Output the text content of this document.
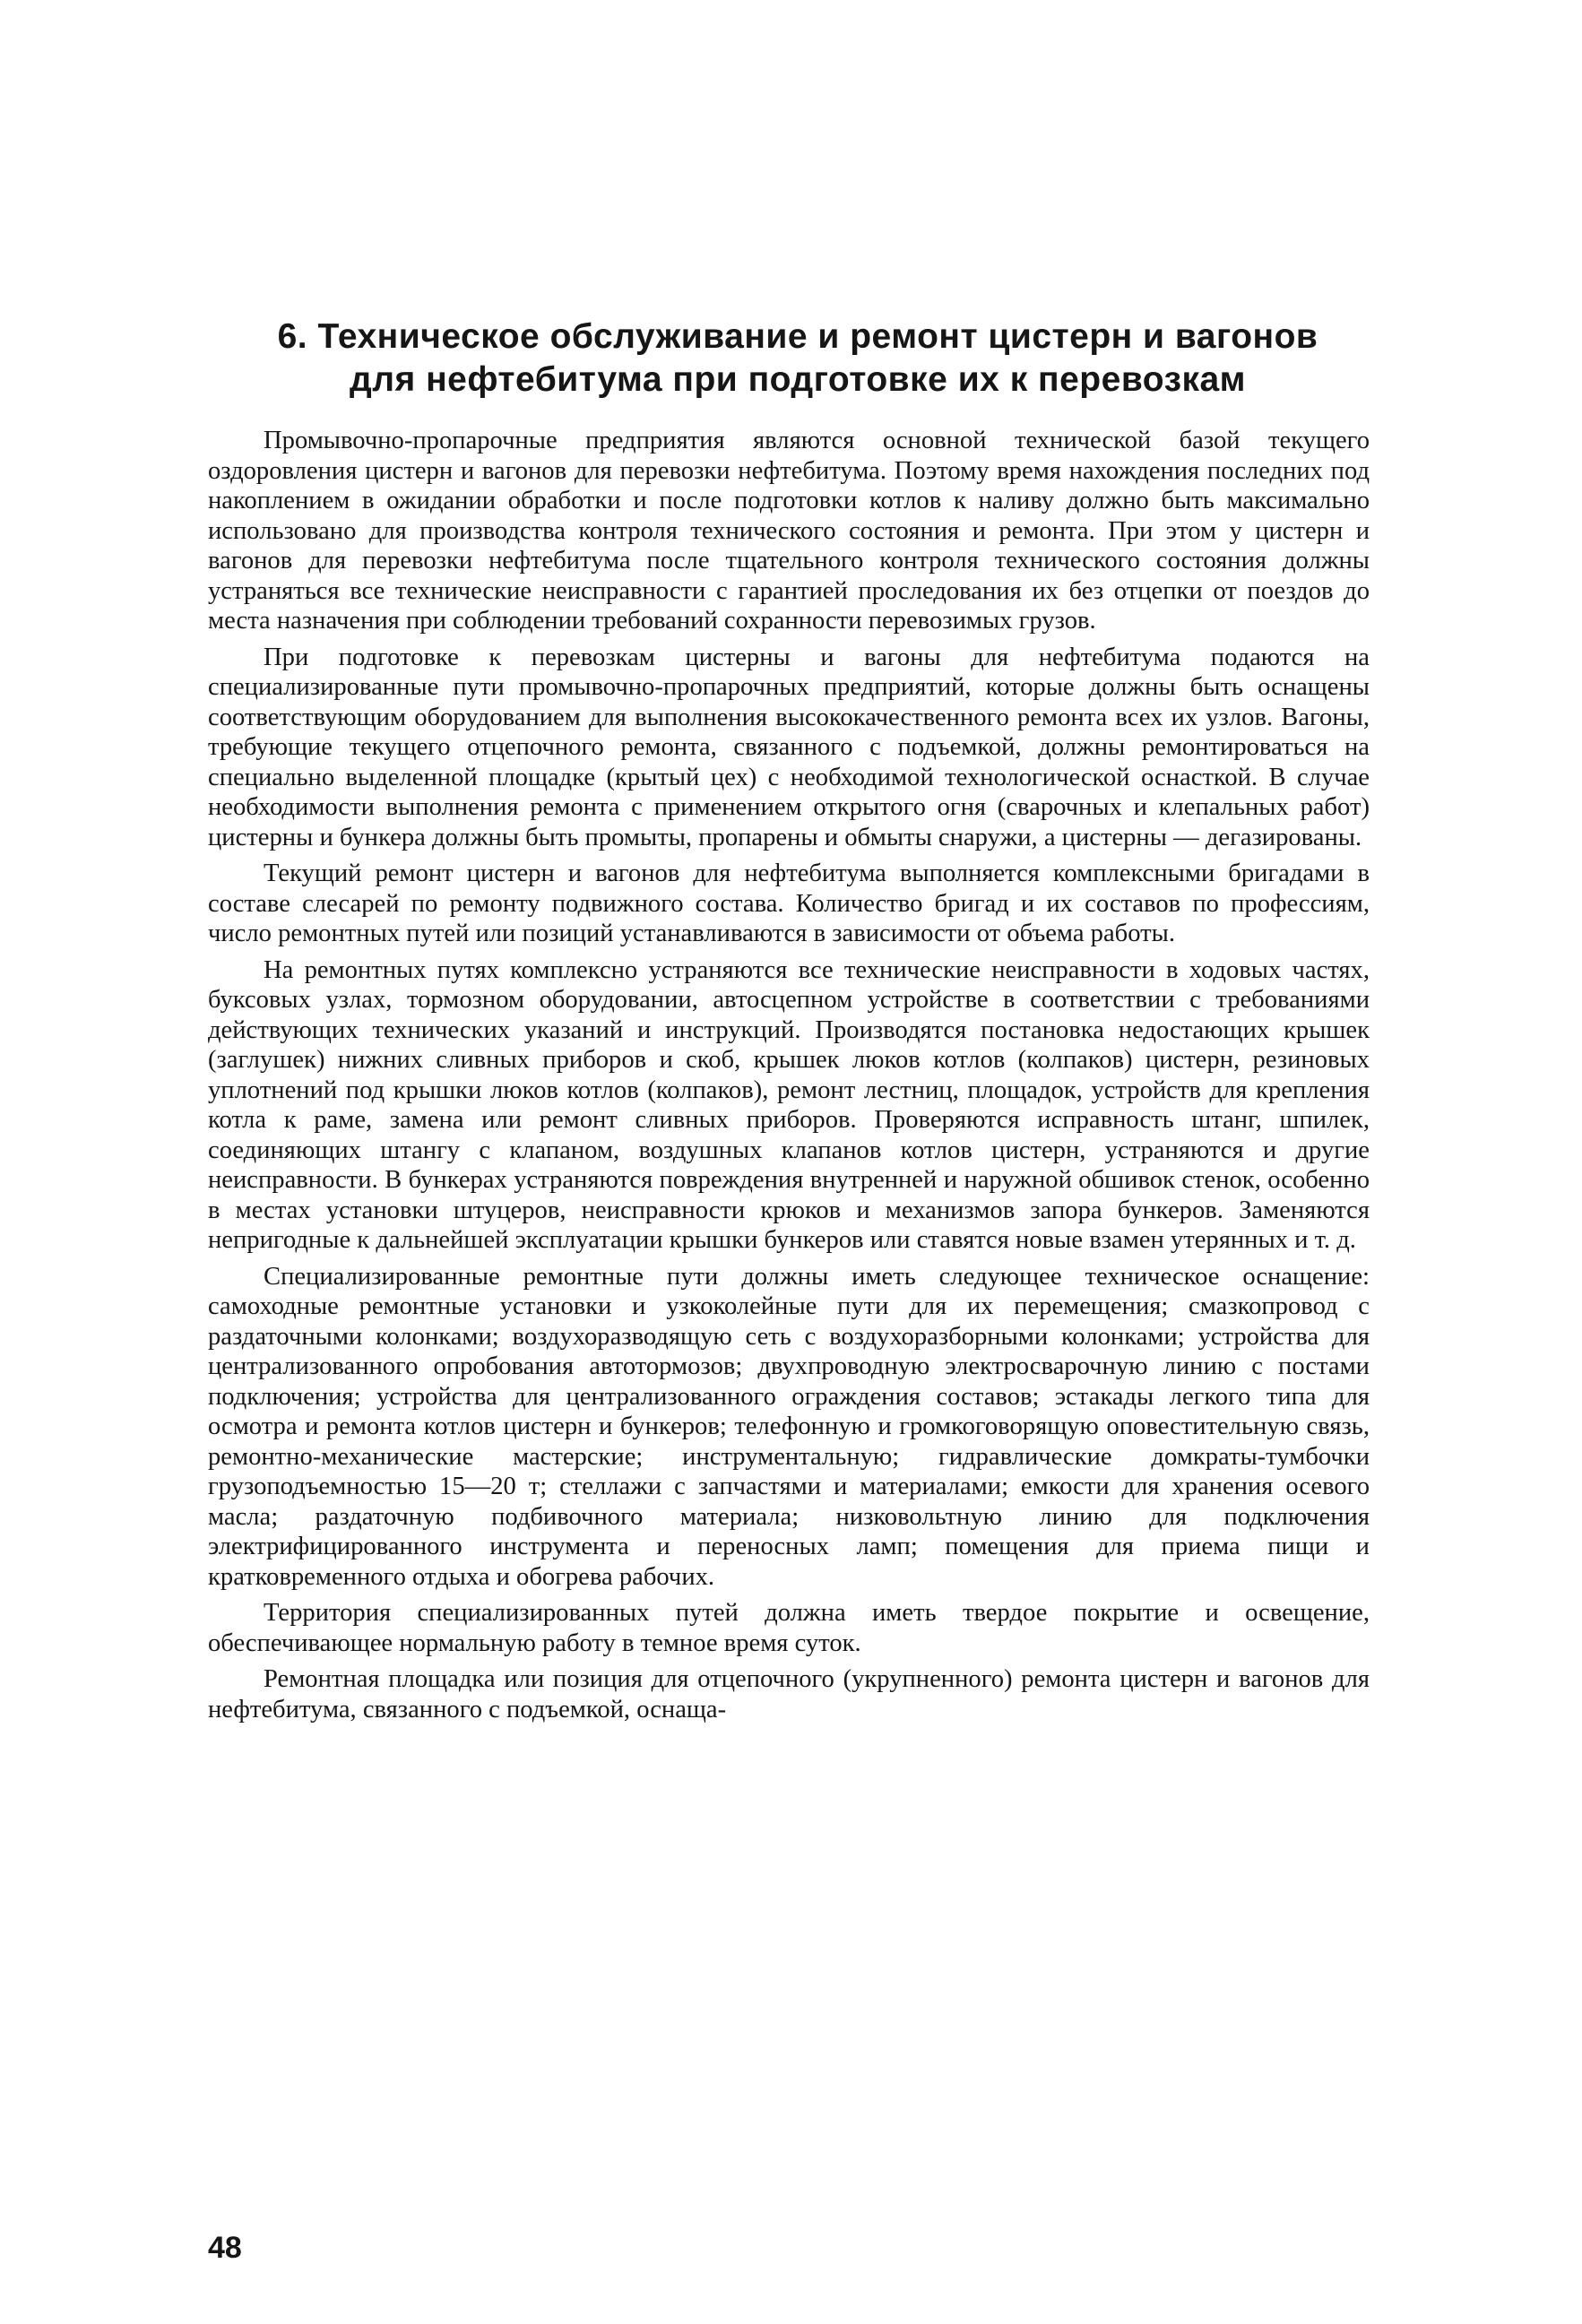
6. Техническое обслуживание и ремонт цистерн и вагонов
для нефтебитума при подготовке их к перевозкам

Промывочно-пропарочные предприятия являются основной технической базой текущего оздоровления цистерн и вагонов для перевозки нефтебитума. Поэтому время нахождения последних под накоплением в ожидании обработки и после подготовки котлов к наливу должно быть максимально использовано для производства контроля технического состояния и ремонта. При этом у цистерн и вагонов для перевозки нефтебитума после тщательного контроля технического состояния должны устраняться все технические неисправности с гарантией проследования их без отцепки от поездов до места назначения при соблюдении требований сохранности перевозимых грузов.

При подготовке к перевозкам цистерны и вагоны для нефтебитума подаются на специализированные пути промывочно-пропарочных предприятий, которые должны быть оснащены соответствующим оборудованием для выполнения высококачественного ремонта всех их узлов. Вагоны, требующие текущего отцепочного ремонта, связанного с подъемкой, должны ремонтироваться на специально выделенной площадке (крытый цех) с необходимой технологической оснасткой. В случае необходимости выполнения ремонта с применением открытого огня (сварочных и клепальных работ) цистерны и бункера должны быть промыты, пропарены и обмыты снаружи, а цистерны — дегазированы.

Текущий ремонт цистерн и вагонов для нефтебитума выполняется комплексными бригадами в составе слесарей по ремонту подвижного состава. Количество бригад и их составов по профессиям, число ремонтных путей или позиций устанавливаются в зависимости от объема работы.

На ремонтных путях комплексно устраняются все технические неисправности в ходовых частях, буксовых узлах, тормозном оборудовании, автосцепном устройстве в соответствии с требованиями действующих технических указаний и инструкций. Производятся постановка недостающих крышек (заглушек) нижних сливных приборов и скоб, крышек люков котлов (колпаков) цистерн, резиновых уплотнений под крышки люков котлов (колпаков), ремонт лестниц, площадок, устройств для крепления котла к раме, замена или ремонт сливных приборов. Проверяются исправность штанг, шпилек, соединяющих штангу с клапаном, воздушных клапанов котлов цистерн, устраняются и другие неисправности. В бункерах устраняются повреждения внутренней и наружной обшивок стенок, особенно в местах установки штуцеров, неисправности крюков и механизмов запора бункеров. Заменяются непригодные к дальнейшей эксплуатации крышки бункеров или ставятся новые взамен утерянных и т. д.

Специализированные ремонтные пути должны иметь следующее техническое оснащение: самоходные ремонтные установки и узкоколейные пути для их перемещения; смазкопровод с раздаточными колонками; воздухоразводящую сеть с воздухоразборными колонками; устройства для централизованного опробования автотормозов; двухпроводную электросварочную линию с постами подключения; устройства для централизованного ограждения составов; эстакады легкого типа для осмотра и ремонта котлов цистерн и бункеров; телефонную и громкоговорящую оповестительную связь, ремонтно-механические мастерские; инструментальную; гидравлические домкраты-тумбочки грузоподъемностью 15—20 т; стеллажи с запчастями и материалами; емкости для хранения осевого масла; раздаточную подбивочного материала; низковольтную линию для подключения электрифицированного инструмента и переносных ламп; помещения для приема пищи и кратковременного отдыха и обогрева рабочих.

Территория специализированных путей должна иметь твердое покрытие и освещение, обеспечивающее нормальную работу в темное время суток.

Ремонтная площадка или позиция для отцепочного (укрупненного) ремонта цистерн и вагонов для нефтебитума, связанного с подъемкой, оснаща-

48
